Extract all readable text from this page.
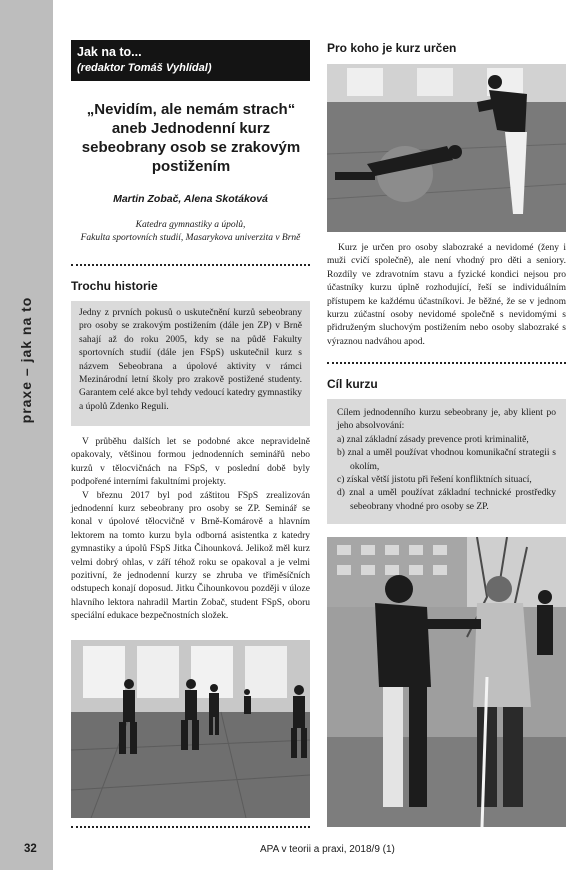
praxe – jak na to
Jak na to...
(redaktor Tomáš Vyhlídal)
„Nevidím, ale nemám strach“ aneb Jednodenní kurz sebeobrany osob se zrakovým postižením
Martin Zobač, Alena Skotáková
Katedra gymnastiky a úpolů,
Fakulta sportovních studií, Masarykova univerzita v Brně
Trochu historie
Jedny z prvních pokusů o uskutečnění kurzů sebeobrany pro osoby se zrakovým postižením (dále jen ZP) v Brně sahají až do roku 2005, kdy se na půdě Fakulty sportovních studií (dále jen FSpS) uskutečnil kurz s názvem Sebeobrana a úpolové aktivity v rámci Mezinárodní letní školy pro zrakově postižené studenty. Garantem celé akce byl tehdy vedoucí katedry gymnastiky a úpolů Zdenko Reguli.

V průběhu dalších let se podobné akce nepravidelně opakovaly, většinou formou jednodenních seminářů nebo kurzů v tělocvičnách na FSpS, v poslední době byly podpořené interními fakultními projekty.

V březnu 2017 byl pod záštitou FSpS zrealizován jednodenní kurz sebeobrany pro osoby se ZP. Seminář se konal v úpolové tělocvičně v Brně-Komárově a hlavním lektorem na tomto kurzu byla odborná asistentka z katedry gymnastiky a úpolů FSpS Jitka Čihounková. Jelikož měl kurz velmi dobrý ohlas, v září téhož roku se opakoval a je velmi pozitivní, že jednodenní kurzy se zhruba ve třiměsíčních odstupech konají doposud. Jitku Čihounkovou později v úloze hlavního lektora nahradil Martin Zobač, student FSpS, oboru speciální edukace bezpečnostních složek.

Pro koho je kurz určen

Kurz je určen pro osoby slabozraké a nevidomé (ženy i muži cvičí společně), ale není vhodný pro děti a seniory. Rozdíly ve zdravotním stavu a fyzické kondici nejsou pro účastníky kurzu úplně rozhodující, řeší se individuálním přístupem ke každému účastníkovi. Je běžné, že se v jednom kurzu zúčastní osoby nevidomé společně s nevidomými s přidruženým sluchovým postižením nebo osoby slabozraké s výraznou nadváhou apod.

Cíl kurzu

Cílem jednodenního kurzu sebeobrany je, aby klient po jeho absolvování:

a) znal základní zásady prevence proti kriminalitě,

b) znal a uměl používat vhodnou komunikační strategii s okolím,

c) získal větší jistotu při řešení konfliktních situací,

d) znal a uměl používat základní technické prostředky sebeobrany vhodné pro osoby se ZP.

32	APA v teorii a praxi, 2018/9 (1)
